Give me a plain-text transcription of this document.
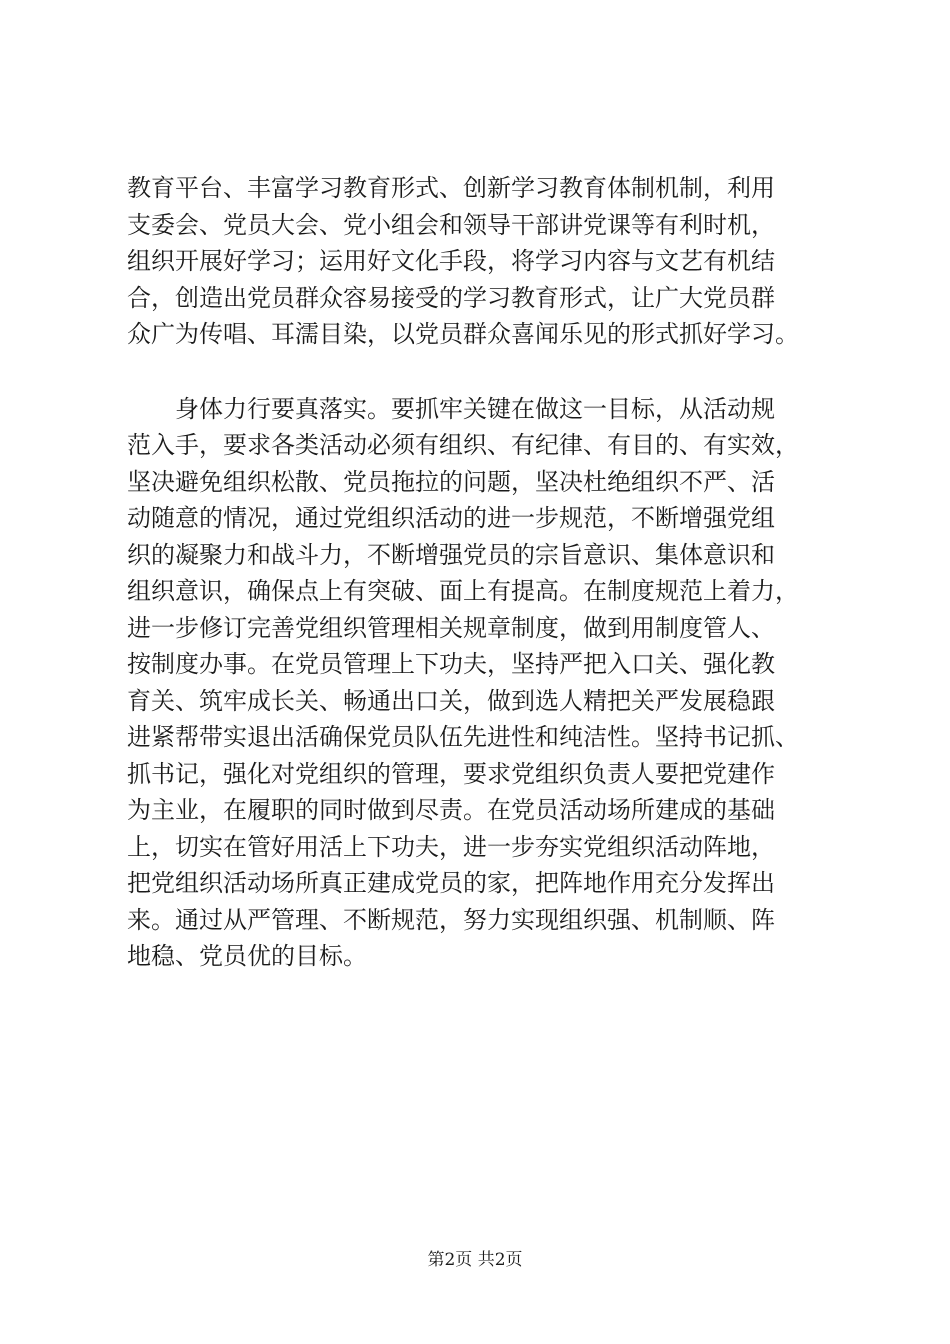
教育平台、丰富学习教育形式、创新学习教育体制机制，利用
支委会、党员大会、党小组会和领导干部讲党课等有利时机，
组织开展好学习；运用好文化手段，将学习内容与文艺有机结
合，创造出党员群众容易接受的学习教育形式，让广大党员群
众广为传唱、耳濡目染，以党员群众喜闻乐见的形式抓好学习。
　　身体力行要真落实。要抓牢关键在做这一目标，从活动规
范入手，要求各类活动必须有组织、有纪律、有目的、有实效，
坚决避免组织松散、党员拖拉的问题，坚决杜绝组织不严、活
动随意的情况，通过党组织活动的进一步规范，不断增强党组
织的凝聚力和战斗力，不断增强党员的宗旨意识、集体意识和
组织意识，确保点上有突破、面上有提高。在制度规范上着力，
进一步修订完善党组织管理相关规章制度，做到用制度管人、
按制度办事。在党员管理上下功夫，坚持严把入口关、强化教
育关、筑牢成长关、畅通出口关，做到选人精把关严发展稳跟
进紧帮带实退出活确保党员队伍先进性和纯洁性。坚持书记抓、
抓书记，强化对党组织的管理，要求党组织负责人要把党建作
为主业，在履职的同时做到尽责。在党员活动场所建成的基础
上，切实在管好用活上下功夫，进一步夯实党组织活动阵地，
把党组织活动场所真正建成党员的家，把阵地作用充分发挥出
来。通过从严管理、不断规范，努力实现组织强、机制顺、阵
地稳、党员优的目标。
第2页 共2页
